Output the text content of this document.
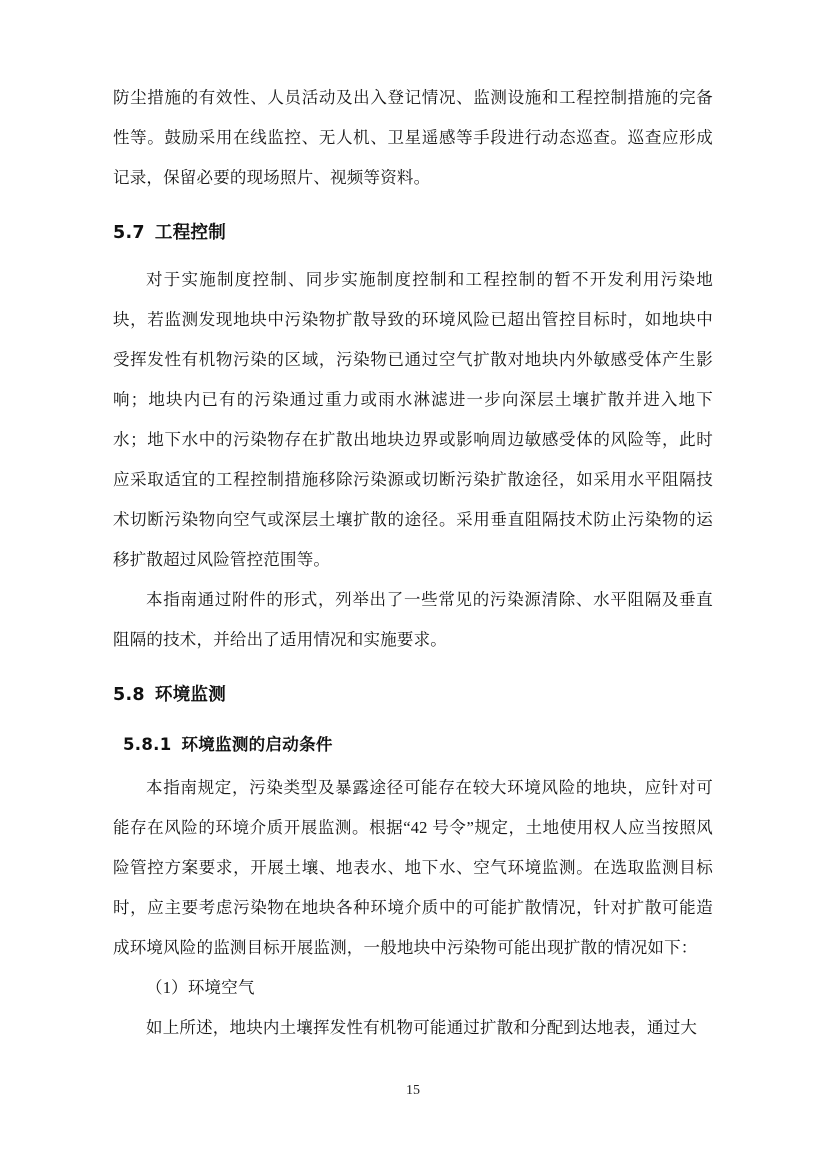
防尘措施的有效性、人员活动及出入登记情况、监测设施和工程控制措施的完备性等。鼓励采用在线监控、无人机、卫星遥感等手段进行动态巡查。巡查应形成记录，保留必要的现场照片、视频等资料。

5.7 工程控制

对于实施制度控制、同步实施制度控制和工程控制的暂不开发利用污染地块，若监测发现地块中污染物扩散导致的环境风险已超出管控目标时，如地块中受挥发性有机物污染的区域，污染物已通过空气扩散对地块内外敏感受体产生影响；地块内已有的污染通过重力或雨水淋滤进一步向深层土壤扩散并进入地下水；地下水中的污染物存在扩散出地块边界或影响周边敏感受体的风险等，此时应采取适宜的工程控制措施移除污染源或切断污染扩散途径，如采用水平阻隔技术切断污染物向空气或深层土壤扩散的途径。采用垂直阻隔技术防止污染物的运移扩散超过风险管控范围等。

本指南通过附件的形式，列举出了一些常见的污染源清除、水平阻隔及垂直阻隔的技术，并给出了适用情况和实施要求。

5.8 环境监测
5.8.1 环境监测的启动条件

本指南规定，污染类型及暴露途径可能存在较大环境风险的地块，应针对可能存在风险的环境介质开展监测。根据“42 号令”规定，土地使用权人应当按照风险管控方案要求，开展土壤、地表水、地下水、空气环境监测。在选取监测目标时，应主要考虑污染物在地块各种环境介质中的可能扩散情况，针对扩散可能造成环境风险的监测目标开展监测，一般地块中污染物可能出现扩散的情况如下：

（1）环境空气

如上所述，地块内土壤挥发性有机物可能通过扩散和分配到达地表，通过大

15
